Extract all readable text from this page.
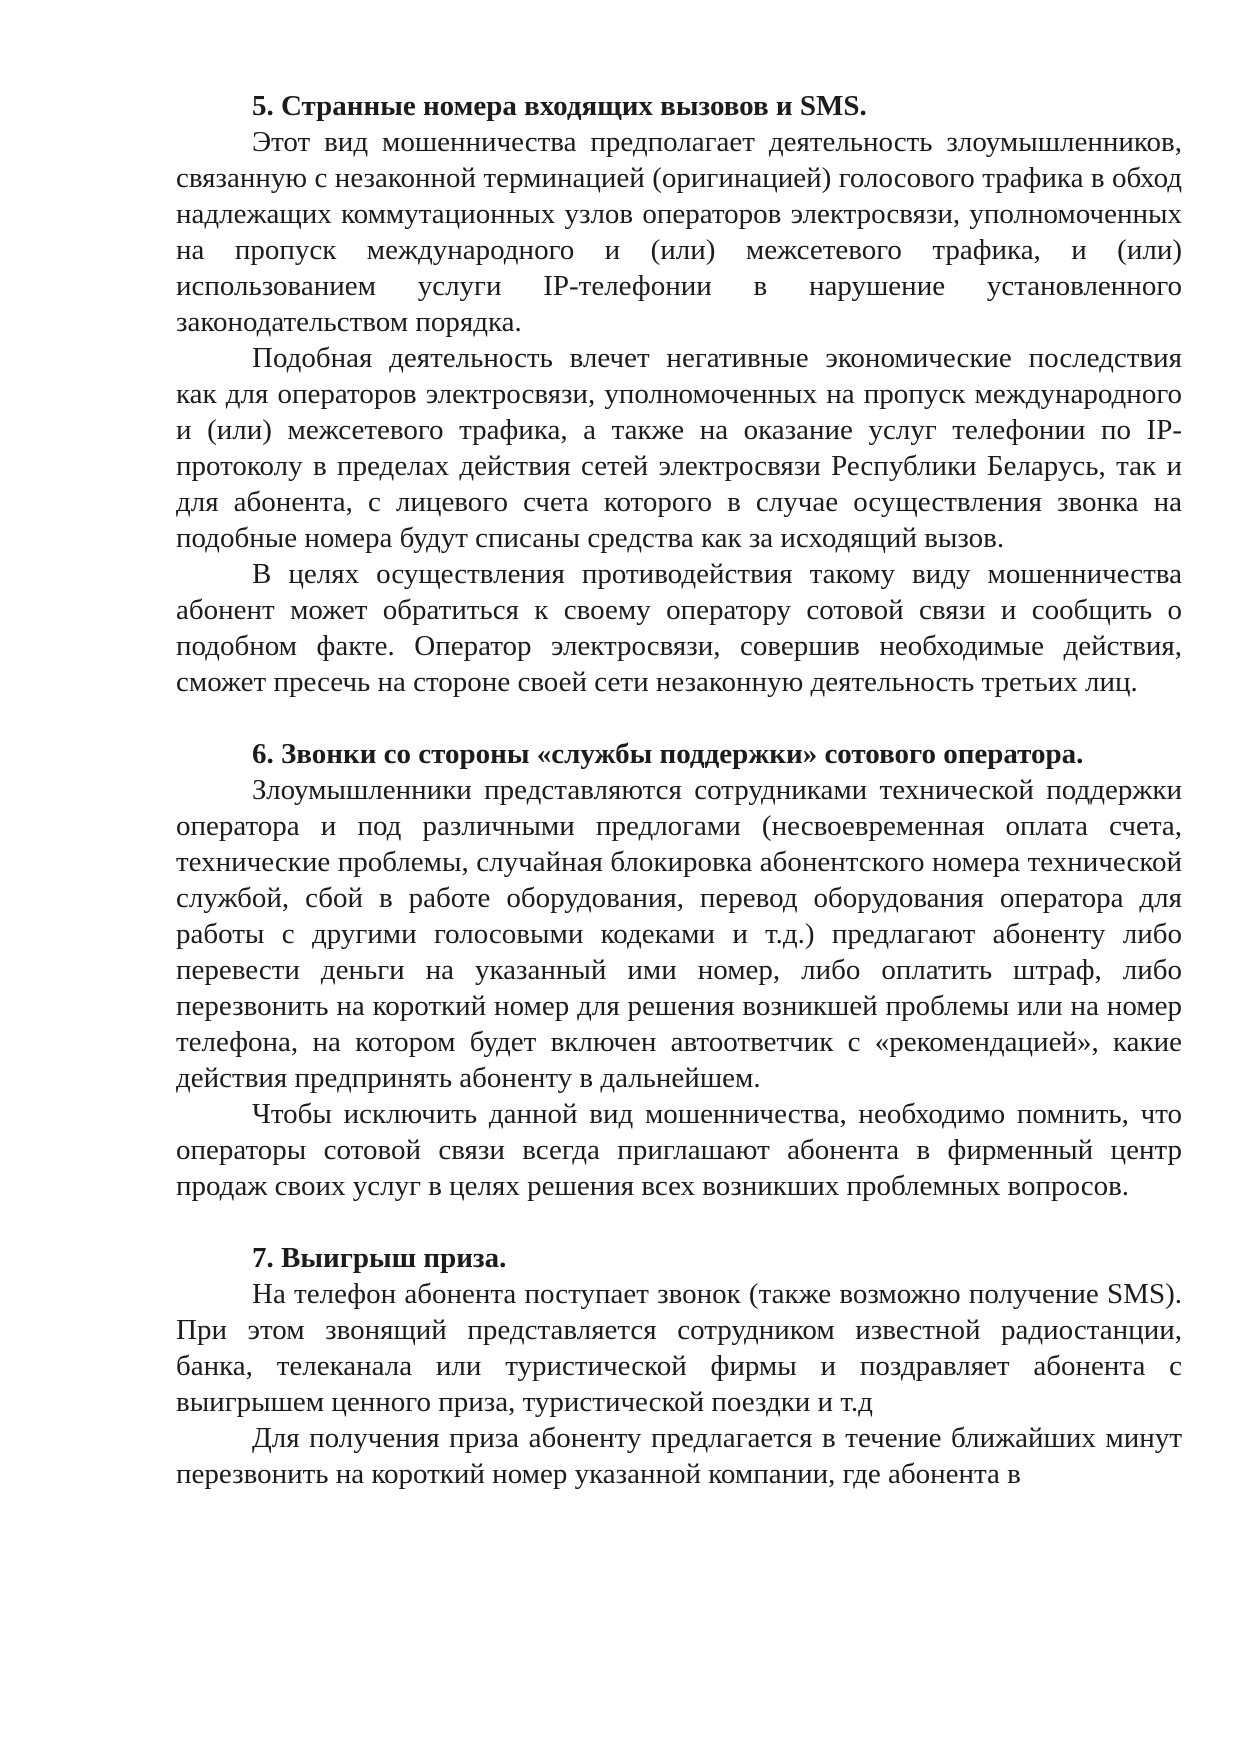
5. Странные номера входящих вызовов и SMS.

Этот вид мошенничества предполагает деятельность злоумышленников, связанную с незаконной терминацией (оригинацией) голосового трафика в обход надлежащих коммутационных узлов операторов электросвязи, уполномоченных на пропуск международного и (или) межсетевого трафика, и (или) использованием услуги IP-телефонии в нарушение установленного законодательством порядка.

Подобная деятельность влечет негативные экономические последствия как для операторов электросвязи, уполномоченных на пропуск международного и (или) межсетевого трафика, а также на оказание услуг телефонии по IP-протоколу в пределах действия сетей электросвязи Республики Беларусь, так и для абонента, с лицевого счета которого в случае осуществления звонка на подобные номера будут списаны средства как за исходящий вызов.

В целях осуществления противодействия такому виду мошенничества абонент может обратиться к своему оператору сотовой связи и сообщить о подобном факте. Оператор электросвязи, совершив необходимые действия, сможет пресечь на стороне своей сети незаконную деятельность третьих лиц.

6. Звонки со стороны «службы поддержки» сотового оператора.

Злоумышленники представляются сотрудниками технической поддержки оператора и под различными предлогами (несвоевременная оплата счета, технические проблемы, случайная блокировка абонентского номера технической службой, сбой в работе оборудования, перевод оборудования оператора для работы с другими голосовыми кодеками и т.д.) предлагают абоненту либо перевести деньги на указанный ими номер, либо оплатить штраф, либо перезвонить на короткий номер для решения возникшей проблемы или на номер телефона, на котором будет включен автоответчик с «рекомендацией», какие действия предпринять абоненту в дальнейшем.

Чтобы исключить данной вид мошенничества, необходимо помнить, что операторы сотовой связи всегда приглашают абонента в фирменный центр продаж своих услуг в целях решения всех возникших проблемных вопросов.

7. Выигрыш приза.

На телефон абонента поступает звонок (также возможно получение SMS). При этом звонящий представляется сотрудником известной радиостанции, банка, телеканала или туристической фирмы и поздравляет абонента с выигрышем ценного приза, туристической поездки и т.д

Для получения приза абоненту предлагается в течение ближайших минут перезвонить на короткий номер указанной компании, где абонента в
